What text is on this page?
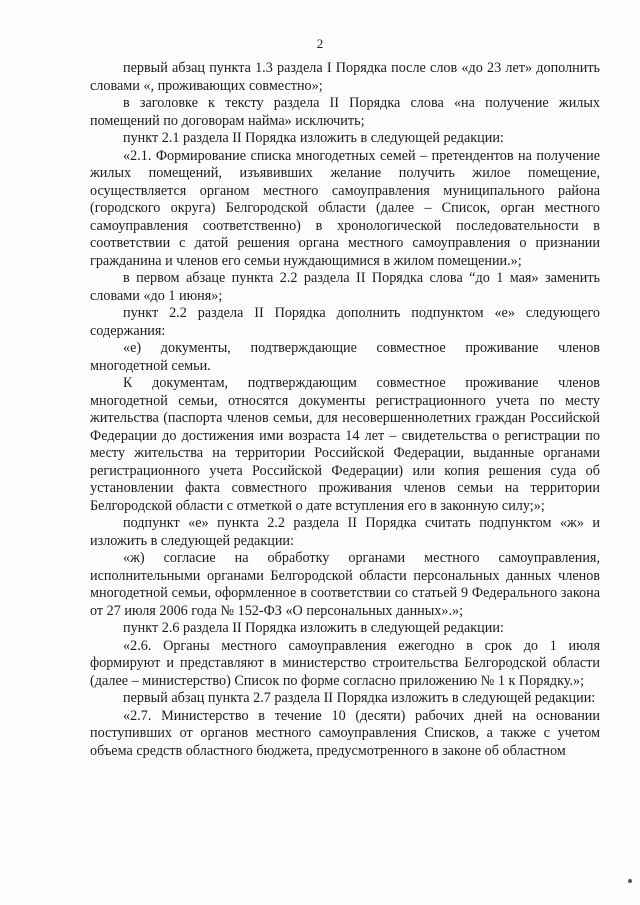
2

первый абзац пункта 1.3 раздела I Порядка после слов «до 23 лет» дополнить словами «, проживающих совместно»;

в заголовке к тексту раздела II Порядка слова «на получение жилых помещений по договорам найма» исключить;

пункт 2.1 раздела II Порядка изложить в следующей редакции:

«2.1. Формирование списка многодетных семей – претендентов на получение жилых помещений, изъявивших желание получить жилое помещение, осуществляется органом местного самоуправления муниципального района (городского округа) Белгородской области (далее – Список, орган местного самоуправления соответственно) в хронологической последовательности в соответствии с датой решения органа местного самоуправления о признании гражданина и членов его семьи нуждающимися в жилом помещении.»;

в первом абзаце пункта 2.2 раздела II Порядка слова “до 1 мая» заменить словами «до 1 июня»;

пункт 2.2 раздела II Порядка дополнить подпунктом «е» следующего содержания:

«е) документы, подтверждающие совместное проживание членов многодетной семьи.

К документам, подтверждающим совместное проживание членов многодетной семьи, относятся документы регистрационного учета по месту жительства (паспорта членов семьи, для несовершеннолетних граждан Российской Федерации до достижения ими возраста 14 лет – свидетельства о регистрации по месту жительства на территории Российской Федерации, выданные органами регистрационного учета Российской Федерации) или копия решения суда об установлении факта совместного проживания членов семьи на территории Белгородской области с отметкой о дате вступления его в законную силу;»;

подпункт «е» пункта 2.2 раздела II Порядка считать подпунктом «ж» и изложить в следующей редакции:

«ж) согласие на обработку органами местного самоуправления, исполнительными органами Белгородской области персональных данных членов многодетной семьи, оформленное в соответствии со статьей 9 Федерального закона от 27 июля 2006 года № 152-ФЗ «О персональных данных».»;

пункт 2.6 раздела II Порядка изложить в следующей редакции:

«2.6. Органы местного самоуправления ежегодно в срок до 1 июля формируют и представляют в министерство строительства Белгородской области (далее – министерство) Список по форме согласно приложению № 1 к Порядку.»;

первый абзац пункта 2.7 раздела II Порядка изложить в следующей редакции:

«2.7. Министерство в течение 10 (десяти) рабочих дней на основании поступивших от органов местного самоуправления Списков, а также с учетом объема средств областного бюджета, предусмотренного в законе об областном
